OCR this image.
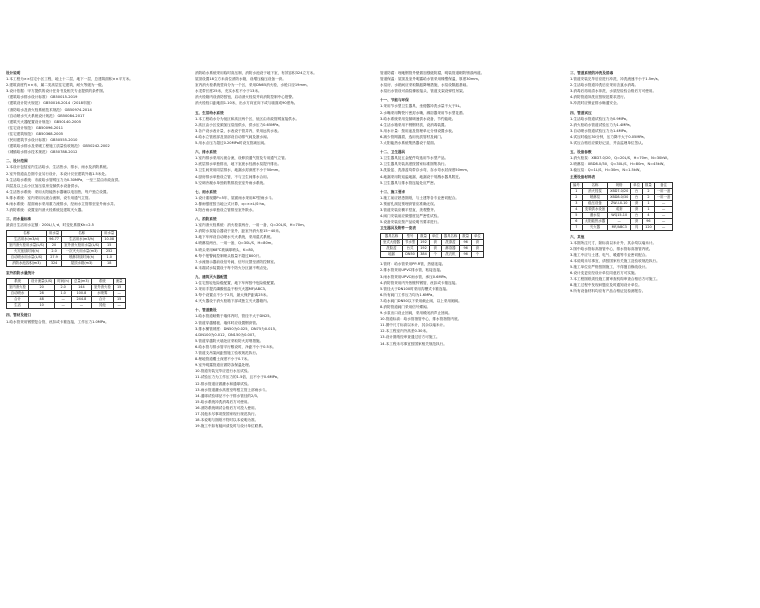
设计说明
1.本工程为××住宅小区工程，地上十二层，地下一层，总建筑面积××平方米。
2.建筑高度约××米，属二类高层住宅建筑，耐火等级为一级。
3.设计依据：甲方提供的设计任务书及相关专业提供的条件图。
《建筑给水排水设计标准》 GB50015-2019
《建筑设计防火规范》 GB50016-2014（2018年版）
《消防给水及消火栓系统技术规范》 GB50974-2014
《自动喷水灭火系统设计规范》 GB50084-2017
《建筑灭火器配置设计规范》 GB50140-2005
《住宅设计规范》 GB50096-2011
《住宅建筑规范》 GB50368-2005
《民用建筑节水设计标准》 GB50555-2010
《建筑给水排水及采暖工程施工质量验收规范》 GB50242-2002
《城镇给水排水技术规范》 GB50788-2012
二、设计范围
1.本设计包括室内生活给水、生活热水、排水、雨水及消防系统。
2.室外管道由总图专业另行设计，本设计仅至建筑外墙1.5米处。
3.生活给水系统：市政给水管网压力为0.30MPa，一至三层由市政直供。
四层及以上由小区加压泵房变频供水设备供水。
4.生活热水系统：采用太阳能热水器辅以电加热，每户独立设置。
5.排水系统：室内采用污废合流制，设专用通气立管。
6.雨水系统：屋面雨水采用重力流排水，经雨水立管排至室外雨水井。
7.消防系统：设置室内消火栓系统及建筑灭火器。
三、用水量标准
最高日生活用水定额：200L/人·d，时变化系数Kh=2.5
名称	用水量	名称	用水量
生活用水(m3/d)	96.77	生活用水(m3/h)	10.08
室内消火栓用水量(L/S)	20	室外消火栓用水量(L/S)	15
火灾延续时间(h)	2.0	一次灭火用水量(m3)	252
自动喷水用水量(L/S)	27.9	喷淋持续时间(h)	1.0
消防水池容积(m3)	324	屋顶水箱(m3)	18
室外消防水量统计
系统	设计流量(L/S)	时间(h)	总量(m3)	系统	流量
室内消火栓	20	2.0	144	室外消火栓	15
自动喷水	28	1.0	100.8	水喷雾	—
合计	48	—	244.8	合计	15
生活	10	—	—	其他	—
四、管材及接口
1.给水管采用钢塑复合管，丝扣或卡箍连接，工作压力1.0MPa。
消防给水系统采用临时高压制，消防水池设于地下室，有效容积324立方米。
屋顶设置18立方米高位消防水箱，设增压稳压设备一套。
室内消火栓系统竖向分为一个区，采用DN65消火栓，水枪口径19mm。
水龙带长度25米，充实水柱不小于13米。
消火栓箱内设消防按钮，启动消火栓泵并向消防控制中心报警。
消火栓栓口距地面1.10米，出水方向宜向下或与墙面成90度角。
五、生活给水系统
1.本工程给水分为低区和高区两个区，低区由市政管网直接供水。
2.高区由小区变频加压泵组供水，供水压力0.65MPa。
3.各户设水表计量，水表设于管井内，采用远传水表。
4.给水立管底部及顶部设自动排气阀及泄水阀。
5.用水点压力超过0.20MPa时设支管减压阀。
六、排水系统
1.室内排水采用污废合流，设伸顶通气管及专用通气立管。
2.底层排水单独排出，地下室废水经潜水泵提升排出。
3.卫生间采用同层排水，地漏水封深度不小于50mm。
4.厨房排水单独设立管，不与卫生间排水合用。
5.空调冷凝水单独收集排放至室外雨水系统。
七、雨水系统
1.设计重现期P=5年，屋面雨水采用87型雨水斗。
2.暴雨强度按当地公式计算，q=××L/S·ha。
3.阳台雨水单独设立管排至室外散水。
八、消防系统
1.室内消火栓系统：消火栓泵两台，一用一备，Q=20L/S，H=70m。
2.消防水泵接合器设于室外，距室外消火栓15~40米。
3.地下车库设自动喷水灭火系统，采用湿式系统。
4.喷淋泵两台，一用一备，Q=30L/S，H=80m。
5.喷头采用68℃玻璃球喷头，K=80。
6.每个报警阀控制喷头数量不超过800只。
7.水流指示器前设信号阀，信号反馈至消防控制室。
8.末端试水装置设于每个防火分区最不利点处。
九、建筑灭火器配置
1.住宅按轻危险级配置，地下车库按中危险级配置。
2.采用手提式磷酸铵盐干粉灭火器MF/ABC3。
3.每个设置点不少于2具，最大保护距离25米。
4.灭火器设于消火栓箱下部或独立灭火器箱内。
十、管道敷设
1.给水管道暗敷于墙体内时，管径不大于DN25。
2.管道穿越楼板、墙体时应设置钢套管。
3.排水横管坡度：DN50为0.025，DN75为0.015。
4.DN100为0.012，DN150为0.007。
5.管道穿越防火墙处应采取防火封堵措施。
6.给水管与排水管平行敷设时，净距不小于0.5米。
7.管道支吊架间距按施工验收规范执行。
8.埋地管道覆土深度不小于0.7米。
9.室外明露管道应做防冻保温处理。
10.管道安装完毕应进行水压试验。
11.试验压力为工作压力的1.5倍，且不小于0.6MPa。
12.排水管道应做灌水和通球试验。
13.雨水管道灌水高度至每根立管上部雨水斗。
14.通球试验球径不小于排水管径的2/3。
15.给水系统冲洗消毒后方可使用。
16.消防系统调试合格后方可投入使用。
17.其他未尽事项按国家现行规范执行。
18.本说明与图纸不符时以本说明为准。
19.施工中如有疑问请及时与设计单位联系。
管道防腐：埋地钢管外壁做加强级防腐，明装管道刷防锈漆两道。
管道保温：屋顶及室外明露给水管采用橡塑保温，厚度30mm。
水泵房、水箱间应采取隔振降噪措施，水泵设隔振基础。
水泵出水管设可曲挠橡胶接头，管道支架设弹性吊架。
十一、节能与环保
1.采用节水型卫生器具，坐便器冲洗水量不大于5L。
2.水嘴采用陶瓷片密封水嘴，淋浴器采用节水型花洒。
3.给水系统采用变频调速供水设备，节约能耗。
4.生活水箱采用不锈钢材质，设消毒装置。
5.用水计量：按用途及管理单元分别设置水表。
6.减少管网漏损，选用优质管材及阀门。
7.太阳能热水系统集热器设于屋面。
十二、卫生器具
1.卫生器具及五金配件均选用节水型产品。
2.卫生器具安装高度按国家标准图集执行。
3.洗脸盆、洗涤盆均带存水弯，存水弯水封深度50mm。
4.地漏采用防返溢地漏，地漏设于易溅水器具附近。
5.卫生器具与排水管连接处应严密。
十三、施工要求
1.施工前应熟悉图纸，与土建等各专业密切配合。
2.预留孔洞及预埋套管应准确无误。
3.管道安装应横平竖直，美观整齐。
4.阀门安装前应做强度及严密性试验。
5.设备安装应按产品说明书要求进行。
卫生器具及附件一览表
器具名称	型号	数量	单位	器具名称	数量	单位
坐式大便器	节水型	192	套	洗涤盆	96	套
洗脸盆	台式	192	套	淋浴器	96	套
地漏	DN50	384	个	洗衣机	96	个
1.管材：给水管采用PP-R管，热熔连接。
2.排水管采用UPVC排水管，粘接连接。
3.雨水管采用UPVC雨水管，承压0.6MPa。
4.消防管采用内外热镀锌钢管，丝扣或卡箍连接。
5.管径大于DN100时采用沟槽式卡箍连接。
6.所有阀门工作压力均为1.6MPa。
7.给水阀门DN50以下采用截止阀，以上采用闸阀。
8.消防管道阀门采用信号蝶阀。
9.水泵出口设止回阀，采用缓闭消声止回阀。
10.管道标高：给水管指管中心，排水管指管内底。
11.图中尺寸标高以米计，其余以毫米计。
12.本工程室内外高差0.30米。
13.设计图纸经审查通过后方可施工。
14.本工程未尽事宜按国家相关规范执行。
三、管道系统的冲洗及消毒
1.管道安装完毕后应进行冲洗，冲洗流速不小于1.5m/s。
2.生活给水管道冲洗后应采用含氯水消毒。
3.消毒后再用清水冲洗，水质经检验合格后方可使用。
4.消防管道冲洗应按规范要求进行。
5.冲洗时应保证排水畅通安全。
四、管道试压
1.生活给水管道试验压力为0.9MPa。
2.消火栓给水管道试验压力为1.4MPa。
3.自动喷水管道试验压力为1.4MPa。
4.试压时稳压30分钟，压力降不大于0.05MPa。
5.试压合格后应做好记录，并由监理单位签认。
五、设备参数
1.消火栓泵：XBD7.0/20，Q=20L/S，H=70m，N=30kW。
2.喷淋泵：XBD8.0/30，Q=30L/S，H=80m，N=45kW。
3.稳压泵：Q=1L/S，H=30m，N=1.5kW。
主要设备材料表
编号	名称	规格	单位	数量	备注
1	消火栓泵	XBD7.0/20	台	2	一用一备
2	喷淋泵	XBD8.0/30	台	2	一用一备
3	稳压设备	ZW-I-X-10	套	1	—
4	变频供水设备	成套	套	1	—
5	潜水泵	WQ15-10	台	4	—
6	太阳能热水器	—	套	96	—
7	灭火器	MF/ABC3	具	120	—
六、其他
1.本图所注尺寸，除标高以米计外，其余均以毫米计。
2.图中给水管标高指管中心，排水管标高指管内底。
3.施工中应与土建、电气、暖通等专业密切配合。
4.本说明未尽事宜，请按国家有关施工及验收规范执行。
5.施工单位应严格按图施工，不得擅自修改设计。
6.设计变更应经设计单位同意后方可实施。
7.本工程图纸须经施工图审查机构审查合格后方可施工。
8.施工过程中发现问题应及时通知设计单位。
9.所有设备材料均应有产品合格证及检测报告。
